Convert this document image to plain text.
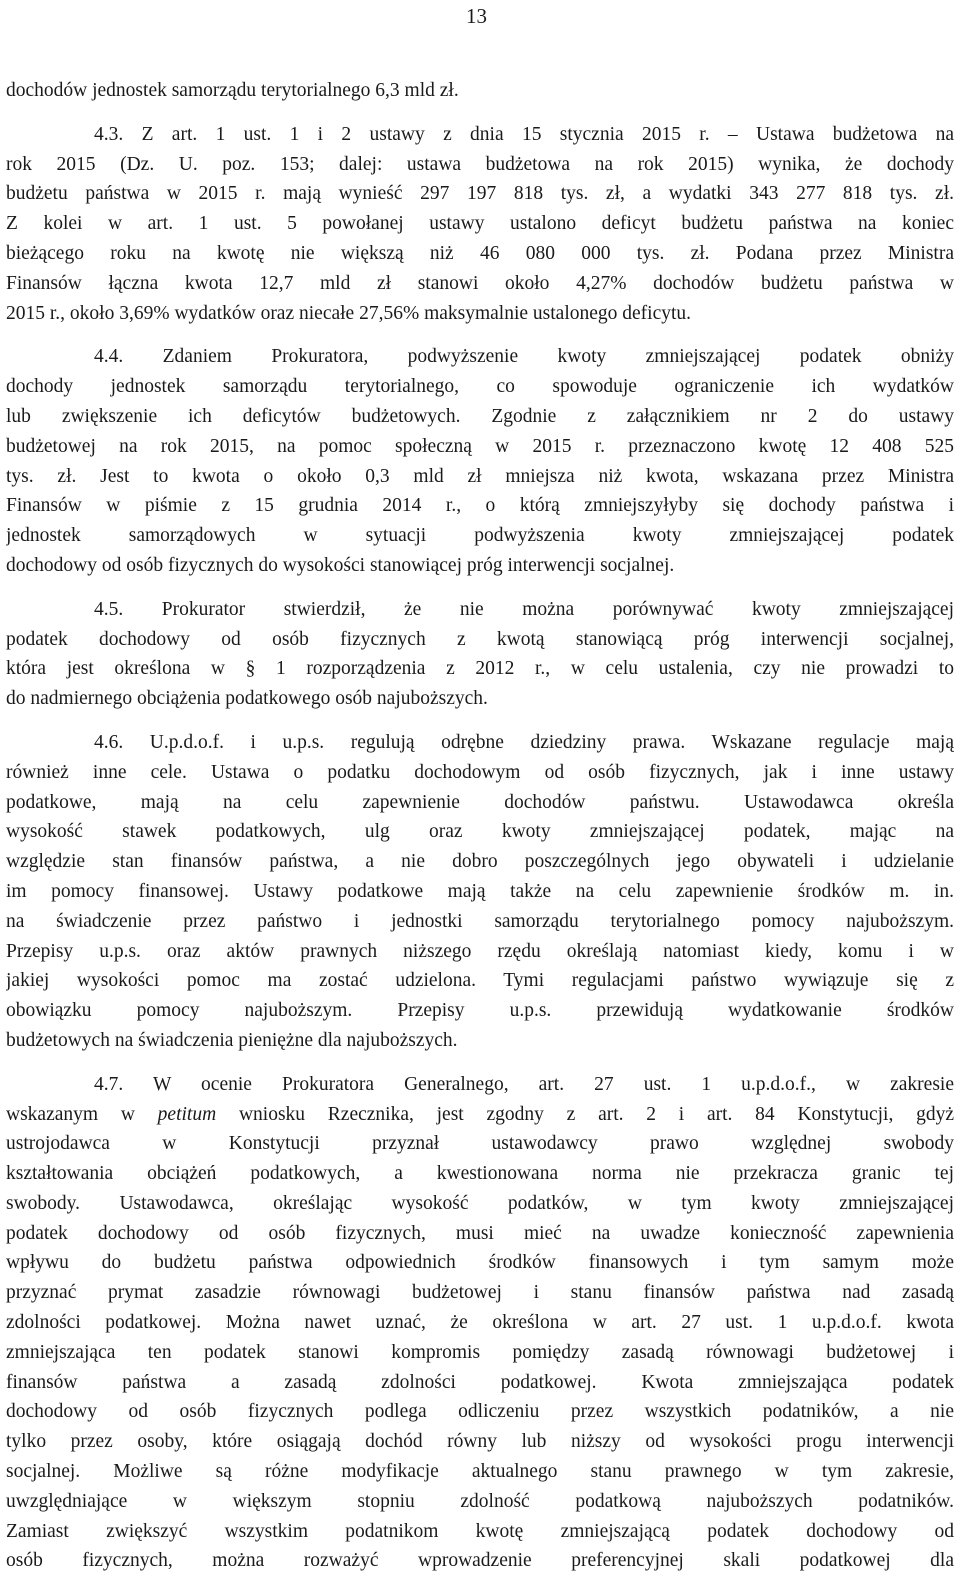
13
dochodów jednostek samorządu terytorialnego 6,3 mld zł.
4.3. Z art. 1 ust. 1 i 2 ustawy z dnia 15 stycznia 2015 r. – Ustawa budżetowa na
rok 2015 (Dz. U. poz. 153; dalej: ustawa budżetowa na rok 2015) wynika, że dochody
budżetu państwa w 2015 r. mają wynieść 297 197 818 tys. zł, a wydatki 343 277 818 tys. zł.
Z kolei w art. 1 ust. 5 powołanej ustawy ustalono deficyt budżetu państwa na koniec
bieżącego roku na kwotę nie większą niż 46 080 000 tys. zł. Podana przez Ministra
Finansów łączna kwota 12,7 mld zł stanowi około 4,27% dochodów budżetu państwa w
2015 r., około 3,69% wydatków oraz niecałe 27,56% maksymalnie ustalonego deficytu.
4.4. Zdaniem Prokuratora, podwyższenie kwoty zmniejszającej podatek obniży
dochody jednostek samorządu terytorialnego, co spowoduje ograniczenie ich wydatków
lub zwiększenie ich deficytów budżetowych. Zgodnie z załącznikiem nr 2 do ustawy
budżetowej na rok 2015, na pomoc społeczną w 2015 r. przeznaczono kwotę 12 408 525
tys. zł. Jest to kwota o około 0,3 mld zł mniejsza niż kwota, wskazana przez Ministra
Finansów w piśmie z 15 grudnia 2014 r., o którą zmniejszyłyby się dochody państwa i
jednostek samorządowych w sytuacji podwyższenia kwoty zmniejszającej podatek
dochodowy od osób fizycznych do wysokości stanowiącej próg interwencji socjalnej.
4.5. Prokurator stwierdził, że nie można porównywać kwoty zmniejszającej
podatek dochodowy od osób fizycznych z kwotą stanowiącą próg interwencji socjalnej,
która jest określona w § 1 rozporządzenia z 2012 r., w celu ustalenia, czy nie prowadzi to
do nadmiernego obciążenia podatkowego osób najuboższych.
4.6. U.p.d.o.f. i u.p.s. regulują odrębne dziedziny prawa. Wskazane regulacje mają
również inne cele. Ustawa o podatku dochodowym od osób fizycznych, jak i inne ustawy
podatkowe, mają na celu zapewnienie dochodów państwu. Ustawodawca określa
wysokość stawek podatkowych, ulg oraz kwoty zmniejszającej podatek, mając na
względzie stan finansów państwa, a nie dobro poszczególnych jego obywateli i udzielanie
im pomocy finansowej. Ustawy podatkowe mają także na celu zapewnienie środków m. in.
na świadczenie przez państwo i jednostki samorządu terytorialnego pomocy najuboższym.
Przepisy u.p.s. oraz aktów prawnych niższego rzędu określają natomiast kiedy, komu i w
jakiej wysokości pomoc ma zostać udzielona. Tymi regulacjami państwo wywiązuje się z
obowiązku pomocy najuboższym. Przepisy u.p.s. przewidują wydatkowanie środków
budżetowych na świadczenia pieniężne dla najuboższych.
4.7. W ocenie Prokuratora Generalnego, art. 27 ust. 1 u.p.d.o.f., w zakresie
wskazanym w petitum wniosku Rzecznika, jest zgodny z art. 2 i art. 84 Konstytucji, gdyż
ustrojodawca w Konstytucji przyznał ustawodawcy prawo względnej swobody
kształtowania obciążeń podatkowych, a kwestionowana norma nie przekracza granic tej
swobody. Ustawodawca, określając wysokość podatków, w tym kwoty zmniejszającej
podatek dochodowy od osób fizycznych, musi mieć na uwadze konieczność zapewnienia
wpływu do budżetu państwa odpowiednich środków finansowych i tym samym może
przyznać prymat zasadzie równowagi budżetowej i stanu finansów państwa nad zasadą
zdolności podatkowej. Można nawet uznać, że określona w art. 27 ust. 1 u.p.d.o.f. kwota
zmniejszająca ten podatek stanowi kompromis pomiędzy zasadą równowagi budżetowej i
finansów państwa a zasadą zdolności podatkowej. Kwota zmniejszająca podatek
dochodowy od osób fizycznych podlega odliczeniu przez wszystkich podatników, a nie
tylko przez osoby, które osiągają dochód równy lub niższy od wysokości progu interwencji
socjalnej. Możliwe są różne modyfikacje aktualnego stanu prawnego w tym zakresie,
uwzględniające w większym stopniu zdolność podatkową najuboższych podatników.
Zamiast zwiększyć wszystkim podatnikom kwotę zmniejszającą podatek dochodowy od
osób fizycznych, można rozważyć wprowadzenie preferencyjnej skali podatkowej dla
